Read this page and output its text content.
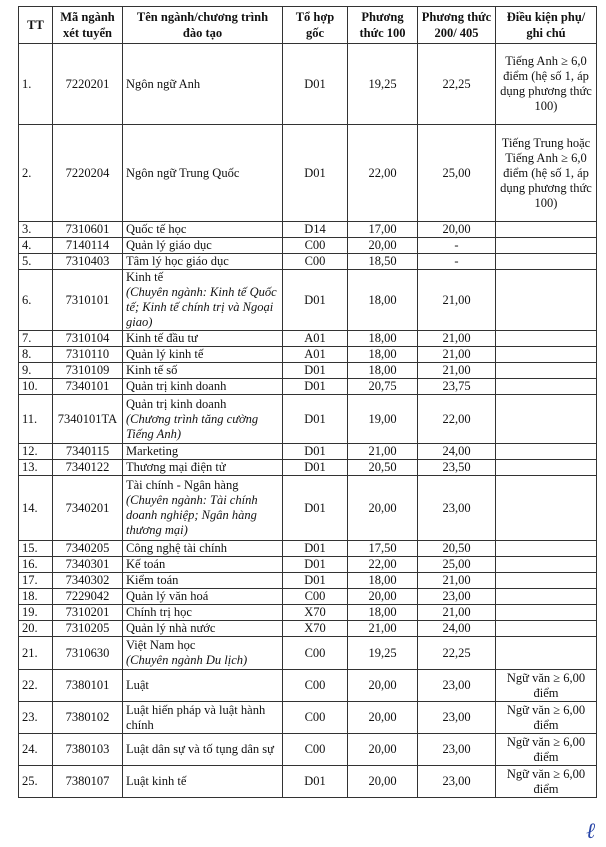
TT	Mã ngành xét tuyển	Tên ngành/chương trình đào tạo	Tổ hợp gốc	Phương thức 100	Phương thức 200/ 405	Điều kiện phụ/ ghi chú
1.	7220201	Ngôn ngữ Anh	D01	19,25	22,25	Tiếng Anh ≥ 6,0 điểm (hệ số 1, áp dụng phương thức 100)
2.	7220204	Ngôn ngữ Trung Quốc	D01	22,00	25,00	Tiếng Trung hoặc Tiếng Anh ≥ 6,0 điểm (hệ số 1, áp dụng phương thức 100)
3.	7310601	Quốc tế học	D14	17,00	20,00	
4.	7140114	Quản lý giáo dục	C00	20,00	-	
5.	7310403	Tâm lý học giáo dục	C00	18,50	-	
6.	7310101	Kinh tế
(Chuyên ngành: Kinh tế Quốc tế; Kinh tế chính trị và Ngoại giao)	D01	18,00	21,00	
7.	7310104	Kinh tế đầu tư	A01	18,00	21,00	
8.	7310110	Quản lý kinh tế	A01	18,00	21,00	
9.	7310109	Kinh tế số	D01	18,00	21,00	
10.	7340101	Quản trị kinh doanh	D01	20,75	23,75	
11.	7340101TA	Quản trị kinh doanh
(Chương trình tăng cường Tiếng Anh)	D01	19,00	22,00	
12.	7340115	Marketing	D01	21,00	24,00	
13.	7340122	Thương mại điện tử	D01	20,50	23,50	
14.	7340201	Tài chính - Ngân hàng
(Chuyên ngành: Tài chính doanh nghiệp; Ngân hàng thương mại)	D01	20,00	23,00	
15.	7340205	Công nghệ tài chính	D01	17,50	20,50	
16.	7340301	Kế toán	D01	22,00	25,00	
17.	7340302	Kiểm toán	D01	18,00	21,00	
18.	7229042	Quản lý văn hoá	C00	20,00	23,00	
19.	7310201	Chính trị học	X70	18,00	21,00	
20.	7310205	Quản lý nhà nước	X70	21,00	24,00	
21.	7310630	Việt Nam học
(Chuyên ngành Du lịch)	C00	19,25	22,25	
22.	7380101	Luật	C00	20,00	23,00	Ngữ văn ≥ 6,00 điểm
23.	7380102	Luật hiến pháp và luật hành chính	C00	20,00	23,00	Ngữ văn ≥ 6,00 điểm
24.	7380103	Luật dân sự và tố tụng dân sự	C00	20,00	23,00	Ngữ văn ≥ 6,00 điểm
25.	7380107	Luật kinh tế	D01	20,00	23,00	Ngữ văn ≥ 6,00 điểm
ℓ
